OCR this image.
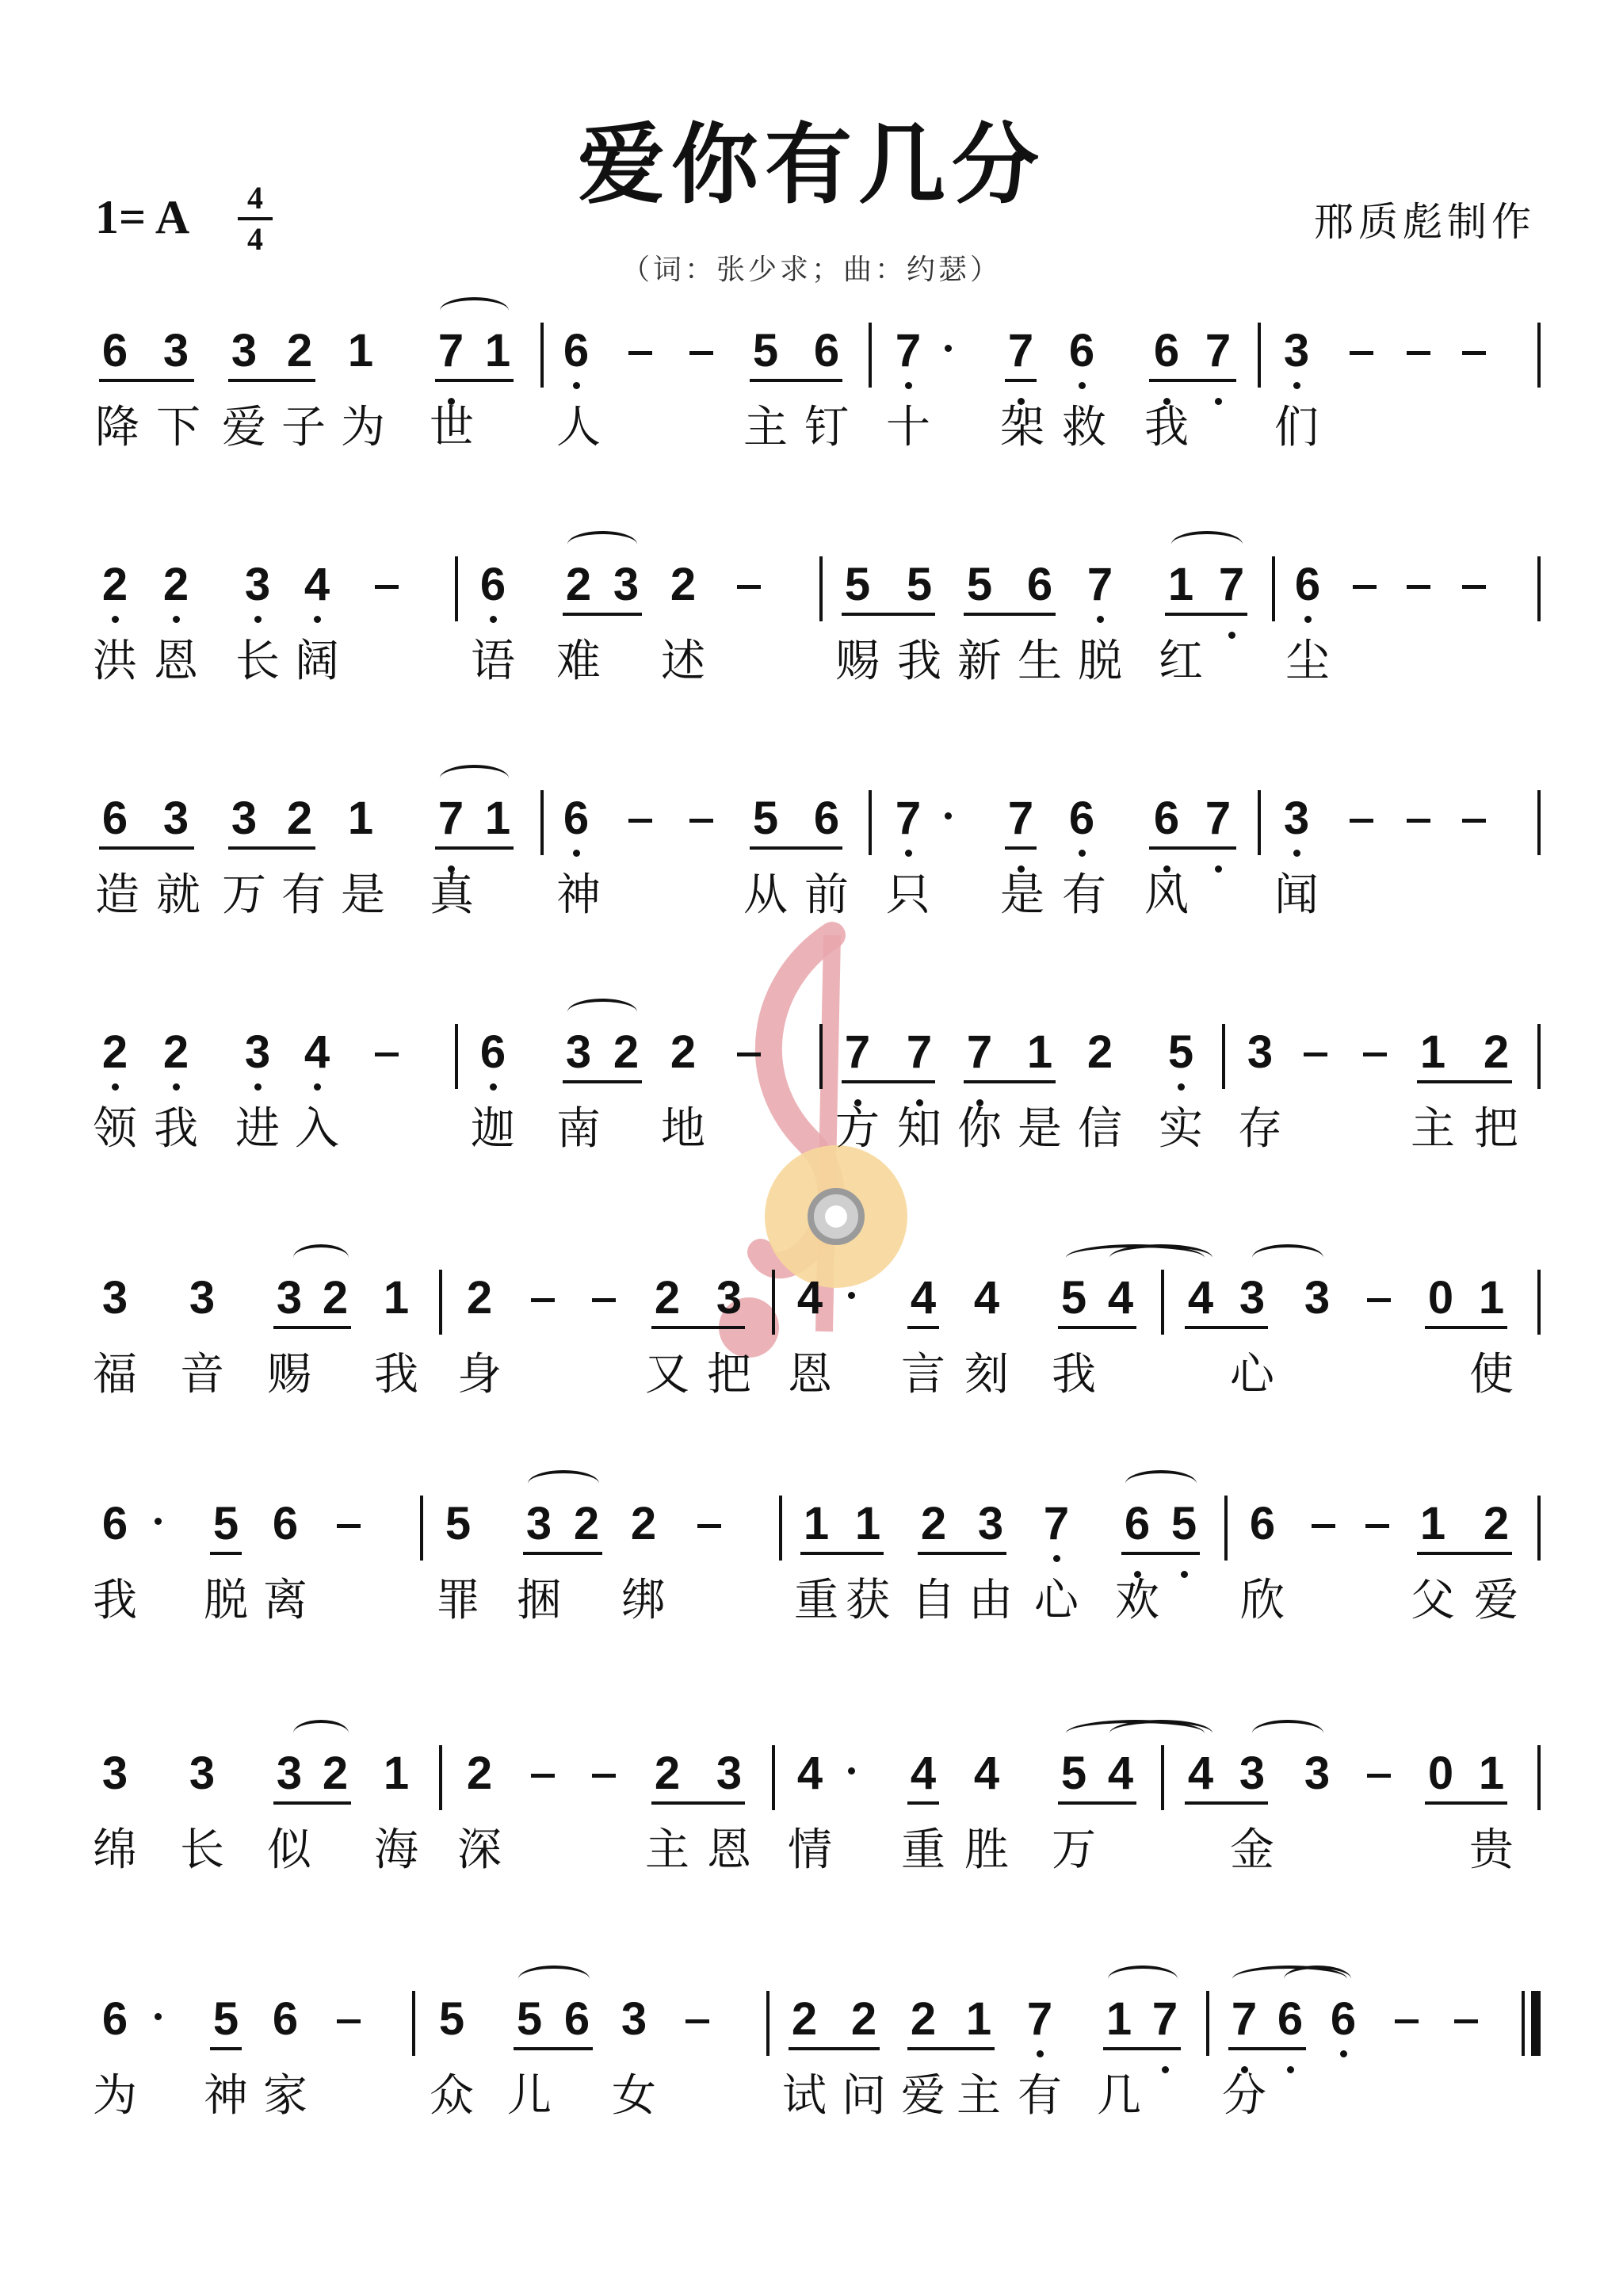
爱你有几分
1= A	4
4	邢质彪制作
（词：张少求；曲：约瑟）
6 3 3 2 1 7 1 6	5 6 7 7 6 6 7 3
降 下 爱 子 为 世 人	主 钉 十 架 救 我 们
2 2 3 4	6 2 3 2	5 5 5 6 7 1 7 6
洪 恩 长 阔	语 难 述	赐 我 新 生 脱 红 尘
6 3 3 2 1 7 1 6	5 6 7 7 6 6 7 3
造 就 万 有 是 真 神	从 前 只 是 有 风 闻
2 2 3 4	6 3 2 2	7 7 7 1 2 5 3	1 2
领 我 进 入	迦 南 地	方 知 你 是 信 实 存	主 把
3 3 3 2 1 2	2 3 4 4 4 5 4 4 3 3 0 1
福 音 赐 我 身	又 把 恩 言 刻 我	心	使
6 5 6	5 3 2 2	1 1 2 3 7 6 5 6	1 2
我 脱 离	罪 捆 绑	重 获 自 由 心 欢 欣	父 爱
3 3 3 2 1 2	2 3 4 4 4 5 4 4 3 3 0 1
绵 长 似 海 深	主 恩 情 重 胜 万	金	贵
6 5 6	5 5 6 3	2 2 2 1 7 1 7 7 6 6
为 神 家	众 儿 女	试 问 爱 主 有 几 分
